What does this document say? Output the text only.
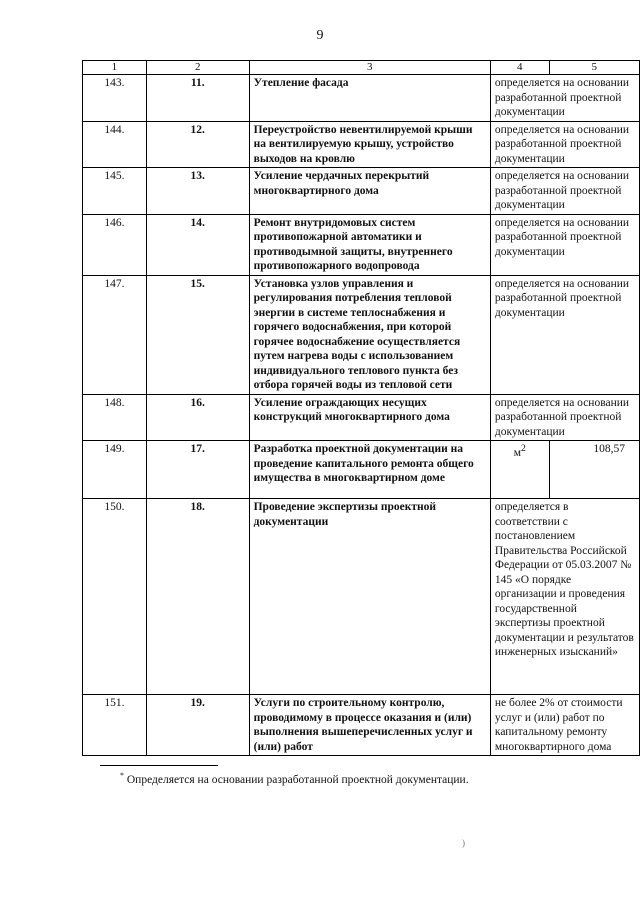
9
1	2	3	4	5
143.	11.	Утепление фасада	определяется на основании разработанной проектной документации	
144.	12.	Переустройство невентилируемой крыши на вентилируемую крышу, устройство выходов на кровлю	определяется на основании разработанной проектной документации	
145.	13.	Усиление чердачных перекрытий многоквартирного дома	определяется на основании разработанной проектной документации	
146.	14.	Ремонт внутридомовых систем противопожарной автоматики и противодымной защиты, внутреннего противопожарного водопровода	определяется на основании разработанной проектной документации	
147.	15.	Установка узлов управления и регулирования потребления тепловой энергии в системе теплоснабжения и горячего водоснабжения, при которой горячее водоснабжение осуществляется путем нагрева воды с использованием индивидуального теплового пункта без отбора горячей воды из тепловой сети	определяется на основании разработанной проектной документации	
148.	16.	Усиление ограждающих несущих конструкций многоквартирного дома	определяется на основании разработанной проектной документации	
149.	17.	Разработка проектной документации на проведение капитального ремонта общего имущества в многоквартирном доме	$м^2$	108,57
150.	18.	Проведение экспертизы проектной документации	определяется в соответствии с постановлением Правительства Российской Федерации от 05.03.2007 № 145 «О порядке организации и проведения государственной экспертизы проектной документации и результатов инженерных изысканий»	
151.	19.	Услуги по строительному контролю, проводимому в процессе оказания и (или) выполнения вышеперечисленных услуг и (или) работ	не более 2% от стоимости услуг и (или) работ по капитальному ремонту многоквартирного дома	
* Определяется на основании разработанной проектной документации.
)
